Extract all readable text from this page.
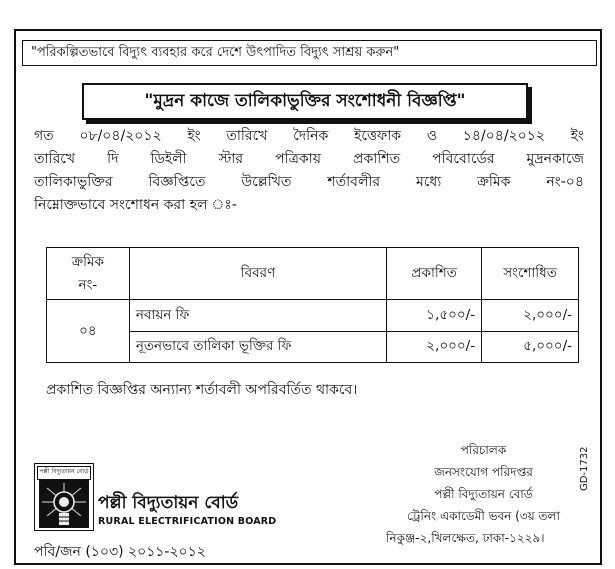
"পরিকল্পিতভাবে বিদ্যুৎ ব্যবহার করে দেশে উৎপাদিত বিদ্যুৎ সাশ্রয় করুন"
"মুদ্রন কাজে তালিকাভুক্তির সংশোধনী বিজ্ঞপ্তি"
গত ০৮/০৪/২০১২ ইং তারিখে দৈনিক ইত্তেফাক ও ১৪/০৪/২০১২ ইং
তারিখে দি ডিইলী স্টার পত্রিকায় প্রকাশিত পবিবোর্ডের মুদ্রনকাজে
তালিকাভুক্তির বিজ্ঞপ্তিতে উল্লেখিত শর্তাবলীর মধ্যে ক্রমিক নং-০৪
নিম্নোক্তভাবে সংশোধন করা হল ঃ-
ক্রমিক
নং-	বিবরণ	প্রকাশিত	সংশোধিত
০৪	নবায়ন ফি	১,৫০০/-	২,০০০/-
	নূতনভাবে তালিকা ভূক্তির ফি	২,০০০/-	৫,০০০/-
প্রকাশিত বিজ্ঞপ্তির অন্যান্য শর্তাবলী অপরিবর্তিত থাকবে।
পল্লী বিদ্যুতায়ন বোর্ড
পল্লী বিদ্যুতায়ন বোর্ড
RURAL ELECTRIFICATION BOARD
পবি/জন (১০৩) ২০১১-২০১২
পরিচালক
জনসংযোগ পরিদপ্তর
পল্লী বিদ্যুতায়ন বোর্ড
ট্রেনিং একাডেমী ভবন (৩য় তলা
নিকুঞ্জ-২,খিলক্ষেত, ঢাকা-১২২৯।
GD-1732
